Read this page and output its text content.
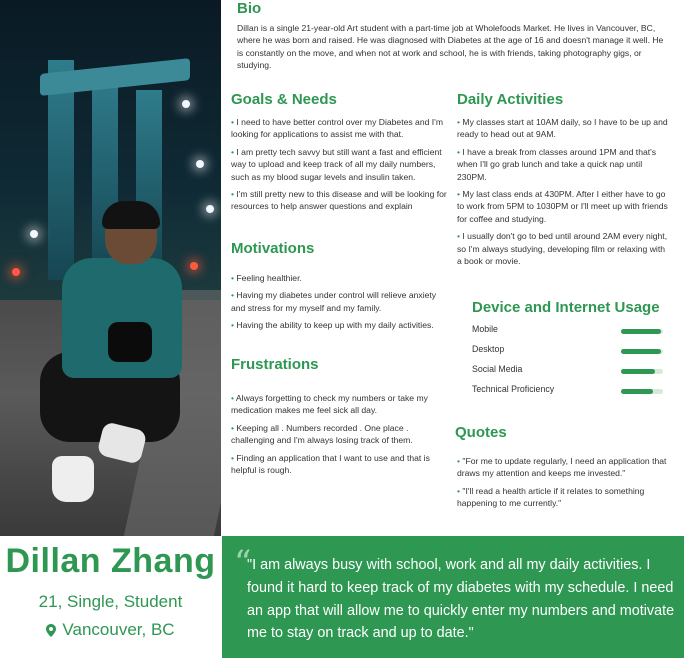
Dillan Zhang
21, Single, Student
Vancouver, BC
Bio
Dillan is a single 21-year-old Art student with a part-time job at Wholefoods Market. He lives in Vancouver, BC, where he was born and raised. He was diagnosed with Diabetes at the age of 16 and doesn't manage it well. He is constantly on the move, and when not at work and school, he is with friends, taking photography gigs, or studying.
Goals & Needs

• I need to have better control over my Diabetes and I'm looking for applications to assist me with that.

• I am pretty tech savvy but still want a fast and efficient way to upload and keep track of all my daily numbers, such as my blood sugar levels and insulin taken.

• I'm still pretty new to this disease and will be looking for resources to help answer questions and explain

Motivations

• Feeling healthier.

• Having my diabetes under control will relieve anxiety and stress for my myself and my family.

• Having the ability to keep up with my daily activities.

Frustrations

• Always forgetting to check my numbers or take my medication makes me feel sick all day.

• Keeping all . Numbers recorded . One place . challenging and I'm always losing track of them.

• Finding an application that I want to use and that is helpful is rough.

Daily Activities

• My classes start at 10AM daily, so I have to be up and ready to head out at 9AM.

• I have a break from classes around 1PM and that's when I'll go grab lunch and take a quick nap until 230PM.

• My last class ends at 430PM. After I either have to go to work from 5PM to 1030PM or I'll meet up with friends for coffee and studying.

• I usually don't go to bed until around 2AM every night, so I'm always studying, developing film or relaxing with a book or movie.

Device and Internet Usage
Mobile
Desktop
Social Media
Technical Proficiency
Quotes

• "For me to update regularly, I need an application that draws my attention and keeps me invested."

• "I'll read a health article if it relates to something happening to me currently."

“
"I am always busy with school, work and all my daily activities. I found it hard to keep track of my diabetes with my schedule. I need an app that will allow me to quickly enter my numbers and motivate me to stay on track and up to date."
